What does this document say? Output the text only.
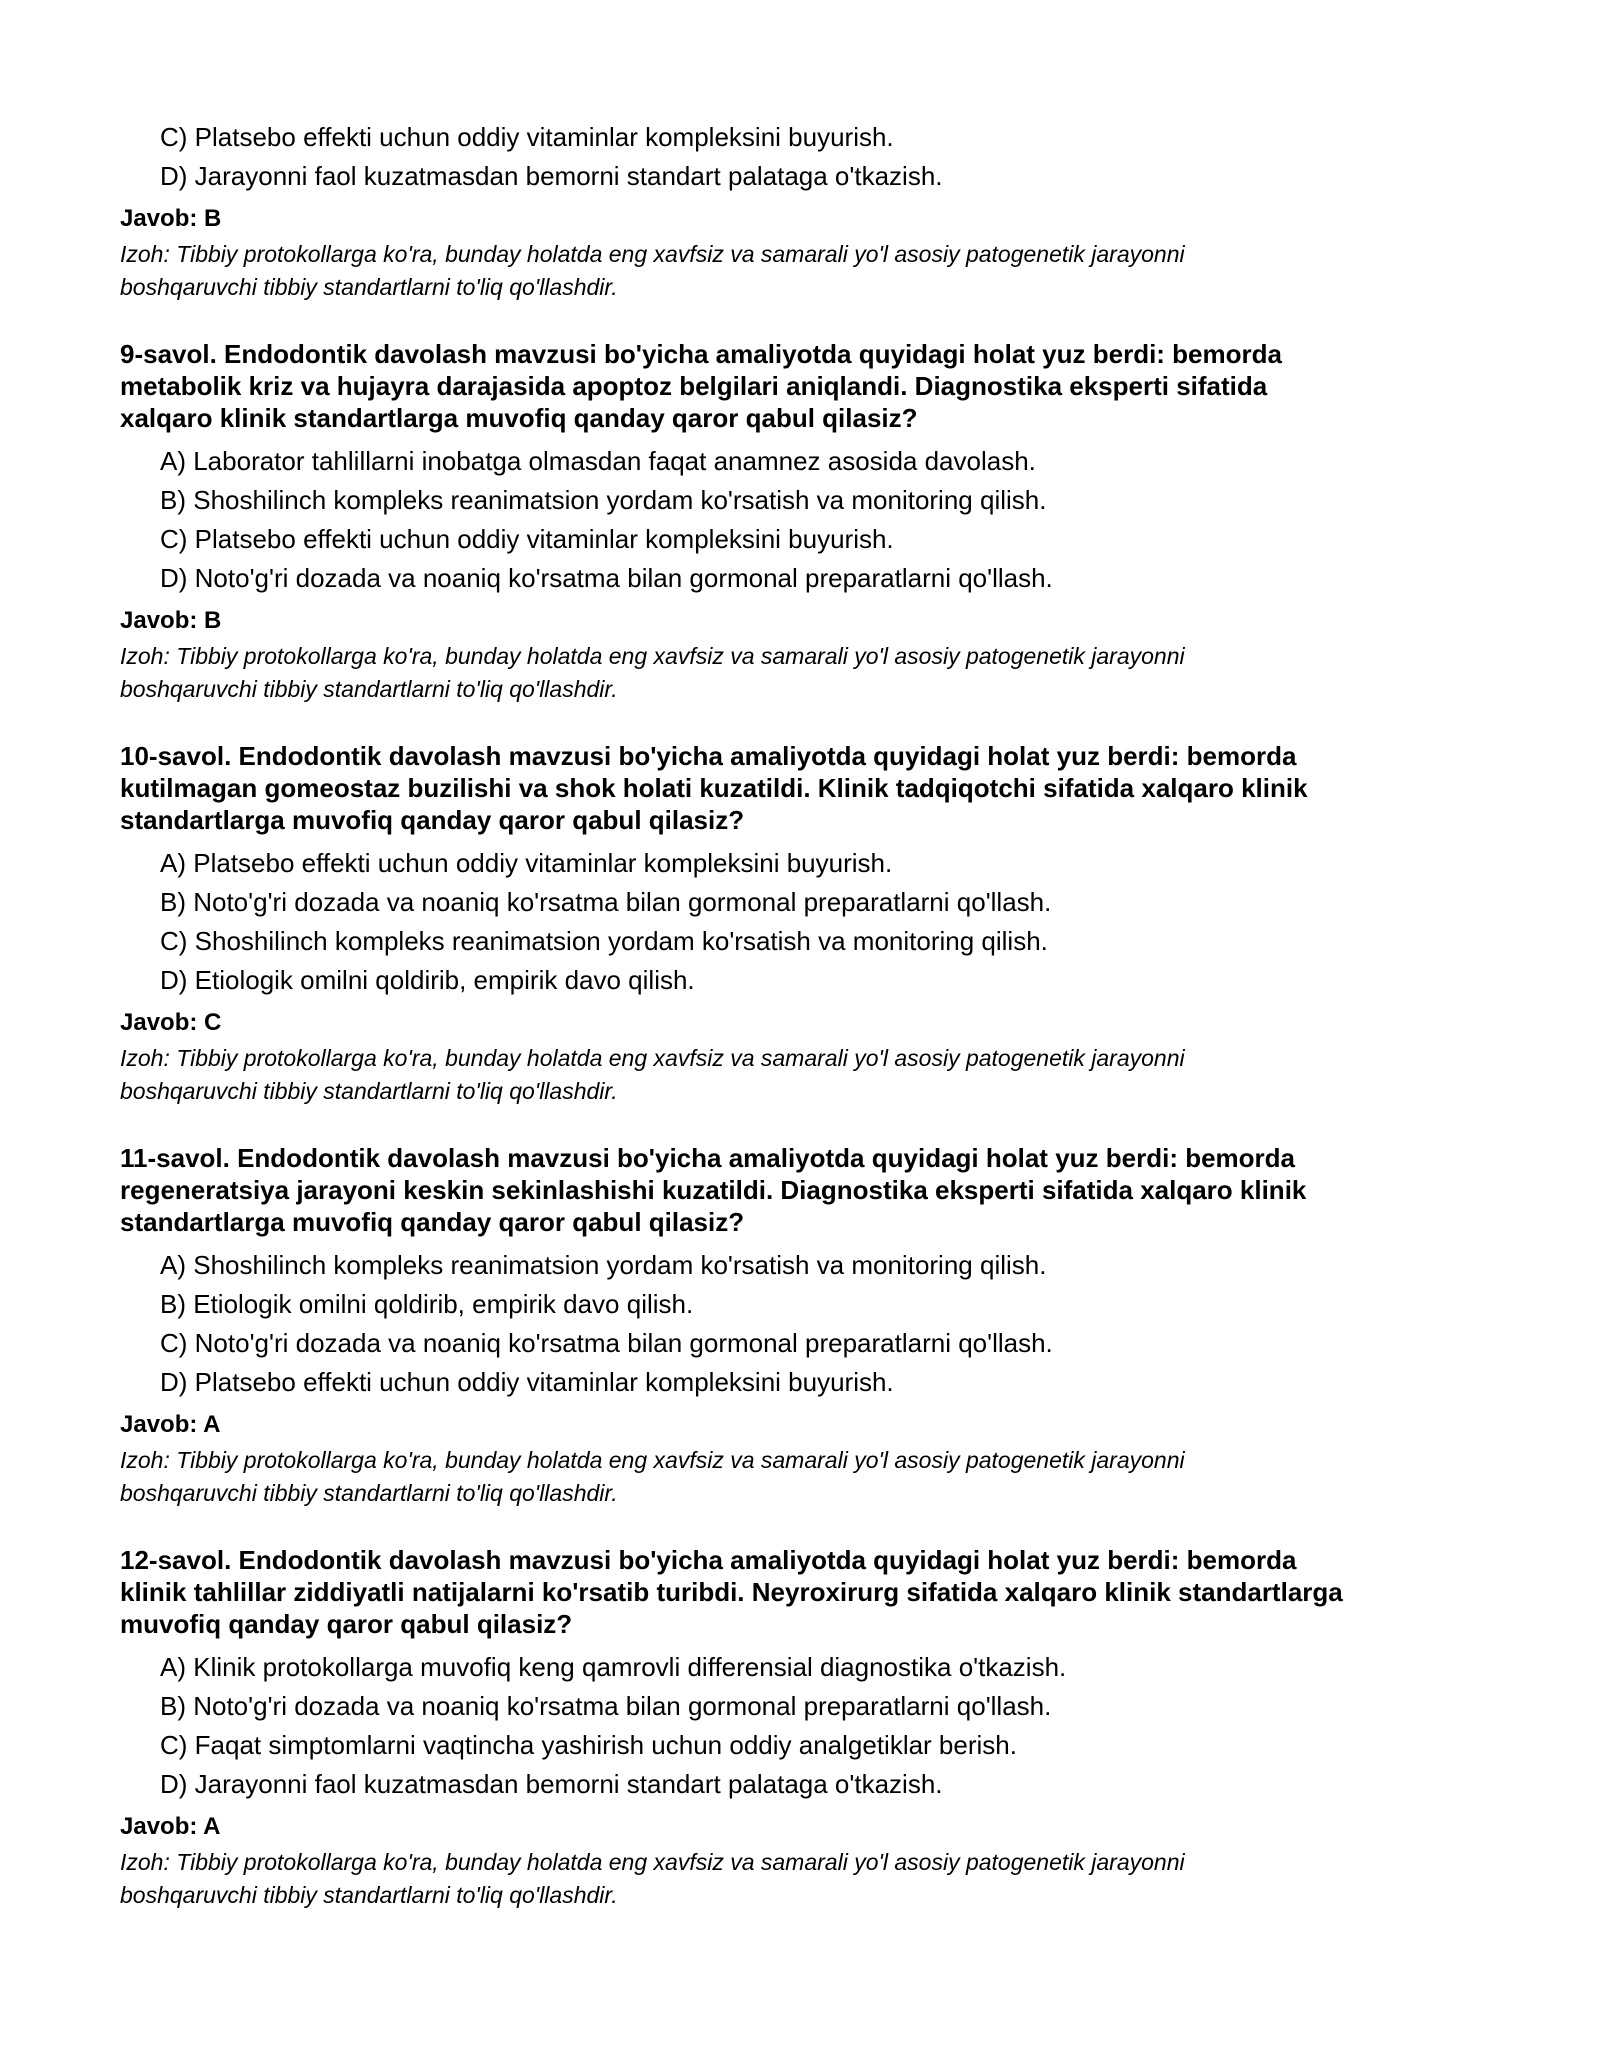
C) Platsebo effekti uchun oddiy vitaminlar kompleksini buyurish.
D) Jarayonni faol kuzatmasdan bemorni standart palataga o'tkazish.
Javob: B
Izoh: Tibbiy protokollarga ko'ra, bunday holatda eng xavfsiz va samarali yo'l asosiy patogenetik jarayonni
boshqaruvchi tibbiy standartlarni to'liq qo'llashdir.
9-savol. Endodontik davolash mavzusi bo'yicha amaliyotda quyidagi holat yuz berdi: bemorda
metabolik kriz va hujayra darajasida apoptoz belgilari aniqlandi. Diagnostika eksperti sifatida
xalqaro klinik standartlarga muvofiq qanday qaror qabul qilasiz?
A) Laborator tahlillarni inobatga olmasdan faqat anamnez asosida davolash.
B) Shoshilinch kompleks reanimatsion yordam ko'rsatish va monitoring qilish.
C) Platsebo effekti uchun oddiy vitaminlar kompleksini buyurish.
D) Noto'g'ri dozada va noaniq ko'rsatma bilan gormonal preparatlarni qo'llash.
Javob: B
Izoh: Tibbiy protokollarga ko'ra, bunday holatda eng xavfsiz va samarali yo'l asosiy patogenetik jarayonni
boshqaruvchi tibbiy standartlarni to'liq qo'llashdir.
10-savol. Endodontik davolash mavzusi bo'yicha amaliyotda quyidagi holat yuz berdi: bemorda
kutilmagan gomeostaz buzilishi va shok holati kuzatildi. Klinik tadqiqotchi sifatida xalqaro klinik
standartlarga muvofiq qanday qaror qabul qilasiz?
A) Platsebo effekti uchun oddiy vitaminlar kompleksini buyurish.
B) Noto'g'ri dozada va noaniq ko'rsatma bilan gormonal preparatlarni qo'llash.
C) Shoshilinch kompleks reanimatsion yordam ko'rsatish va monitoring qilish.
D) Etiologik omilni qoldirib, empirik davo qilish.
Javob: C
Izoh: Tibbiy protokollarga ko'ra, bunday holatda eng xavfsiz va samarali yo'l asosiy patogenetik jarayonni
boshqaruvchi tibbiy standartlarni to'liq qo'llashdir.
11-savol. Endodontik davolash mavzusi bo'yicha amaliyotda quyidagi holat yuz berdi: bemorda
regeneratsiya jarayoni keskin sekinlashishi kuzatildi. Diagnostika eksperti sifatida xalqaro klinik
standartlarga muvofiq qanday qaror qabul qilasiz?
A) Shoshilinch kompleks reanimatsion yordam ko'rsatish va monitoring qilish.
B) Etiologik omilni qoldirib, empirik davo qilish.
C) Noto'g'ri dozada va noaniq ko'rsatma bilan gormonal preparatlarni qo'llash.
D) Platsebo effekti uchun oddiy vitaminlar kompleksini buyurish.
Javob: A
Izoh: Tibbiy protokollarga ko'ra, bunday holatda eng xavfsiz va samarali yo'l asosiy patogenetik jarayonni
boshqaruvchi tibbiy standartlarni to'liq qo'llashdir.
12-savol. Endodontik davolash mavzusi bo'yicha amaliyotda quyidagi holat yuz berdi: bemorda
klinik tahlillar ziddiyatli natijalarni ko'rsatib turibdi. Neyroxirurg sifatida xalqaro klinik standartlarga
muvofiq qanday qaror qabul qilasiz?
A) Klinik protokollarga muvofiq keng qamrovli differensial diagnostika o'tkazish.
B) Noto'g'ri dozada va noaniq ko'rsatma bilan gormonal preparatlarni qo'llash.
C) Faqat simptomlarni vaqtincha yashirish uchun oddiy analgetiklar berish.
D) Jarayonni faol kuzatmasdan bemorni standart palataga o'tkazish.
Javob: A
Izoh: Tibbiy protokollarga ko'ra, bunday holatda eng xavfsiz va samarali yo'l asosiy patogenetik jarayonni
boshqaruvchi tibbiy standartlarni to'liq qo'llashdir.
